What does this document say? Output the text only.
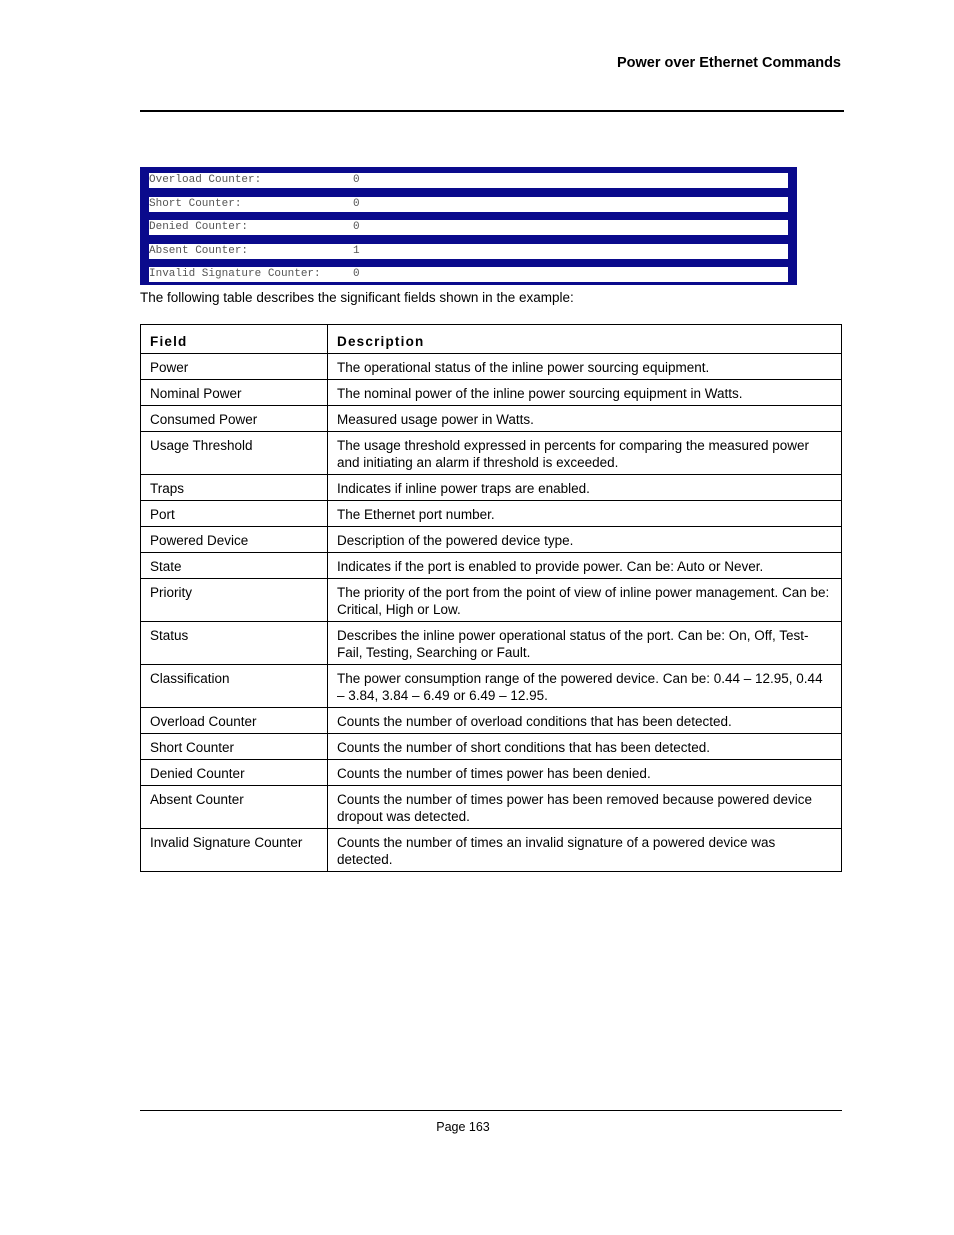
Power over Ethernet Commands
Overload Counter:	0
Short Counter:	0
Denied Counter:	0
Absent Counter:	1
Invalid Signature Counter:	0
The following table describes the significant fields shown in the example:
Field	Description
Power	The operational status of the inline power sourcing equipment.
Nominal Power	The nominal power of the inline power sourcing equipment in Watts.
Consumed Power	Measured usage power in Watts.
Usage Threshold	The usage threshold expressed in percents for comparing the measured power and initiating an alarm if threshold is exceeded.
Traps	Indicates if inline power traps are enabled.
Port	The Ethernet port number.
Powered Device	Description of the powered device type.
State	Indicates if the port is enabled to provide power. Can be: Auto or Never.
Priority	The priority of the port from the point of view of inline power management. Can be: Critical, High or Low.
Status	Describes the inline power operational status of the port. Can be: On, Off, Test-Fail, Testing, Searching or Fault.
Classification	The power consumption range of the powered device. Can be: 0.44 – 12.95, 0.44 – 3.84, 3.84 – 6.49 or 6.49 – 12.95.
Overload Counter	Counts the number of overload conditions that has been detected.
Short Counter	Counts the number of short conditions that has been detected.
Denied Counter	Counts the number of times power has been denied.
Absent Counter	Counts the number of times power has been removed because powered device dropout was detected.
Invalid Signature Counter	Counts the number of times an invalid signature of a powered device was detected.
Page 163
